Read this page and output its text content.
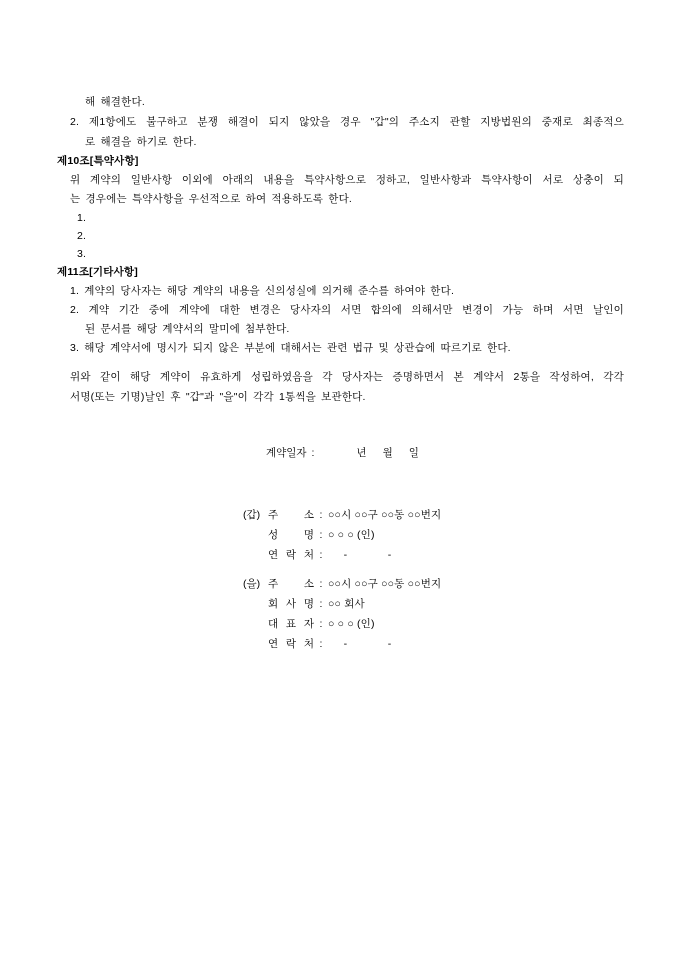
해 해결한다.
2. 제1항에도 불구하고 분쟁 해결이 되지 않았을 경우 "갑"의 주소지 관할 지방법원의 중재로 최종적으
로 해결을 하기로 한다.
제10조[특약사항]
위 계약의 일반사항 이외에 아래의 내용을 특약사항으로 정하고, 일반사항과 특약사항이 서로 상충이 되
는 경우에는 특약사항을 우선적으로 하여 적용하도록 한다.
1.
2.
3.
제11조[기타사항]
1. 계약의 당사자는 해당 계약의 내용을 신의성실에 의거해 준수를 하여야 한다.
2. 계약 기간 중에 계약에 대한 변경은 당사자의 서면 합의에 의해서만 변경이 가능 하며 서면 날인이
된 문서를 해당 계약서의 말미에 첨부한다.
3. 해당 계약서에 명시가 되지 않은 부분에 대해서는 관련 법규 및 상관습에 따르기로 한다.
위와 같이 해당 계약이 유효하게 성립하였음을 각 당사자는 증명하면서 본 계약서 2통을 작성하여, 각각
서명(또는 기명)날인 후 "갑"과 "을"이 각각 1통씩을 보관한다.
계약일자 :	년 월 일
(갑) 주 소 : ○○시 ○○구 ○○동 ○○번지
성 명 : ○ ○ ○ (인)
연 락 처 :     -             -
(을) 주 소 : ○○시 ○○구 ○○동 ○○번지
회 사 명 : ○○ 회사
대 표 자 : ○ ○ ○ (인)
연 락 처 :     -             -
